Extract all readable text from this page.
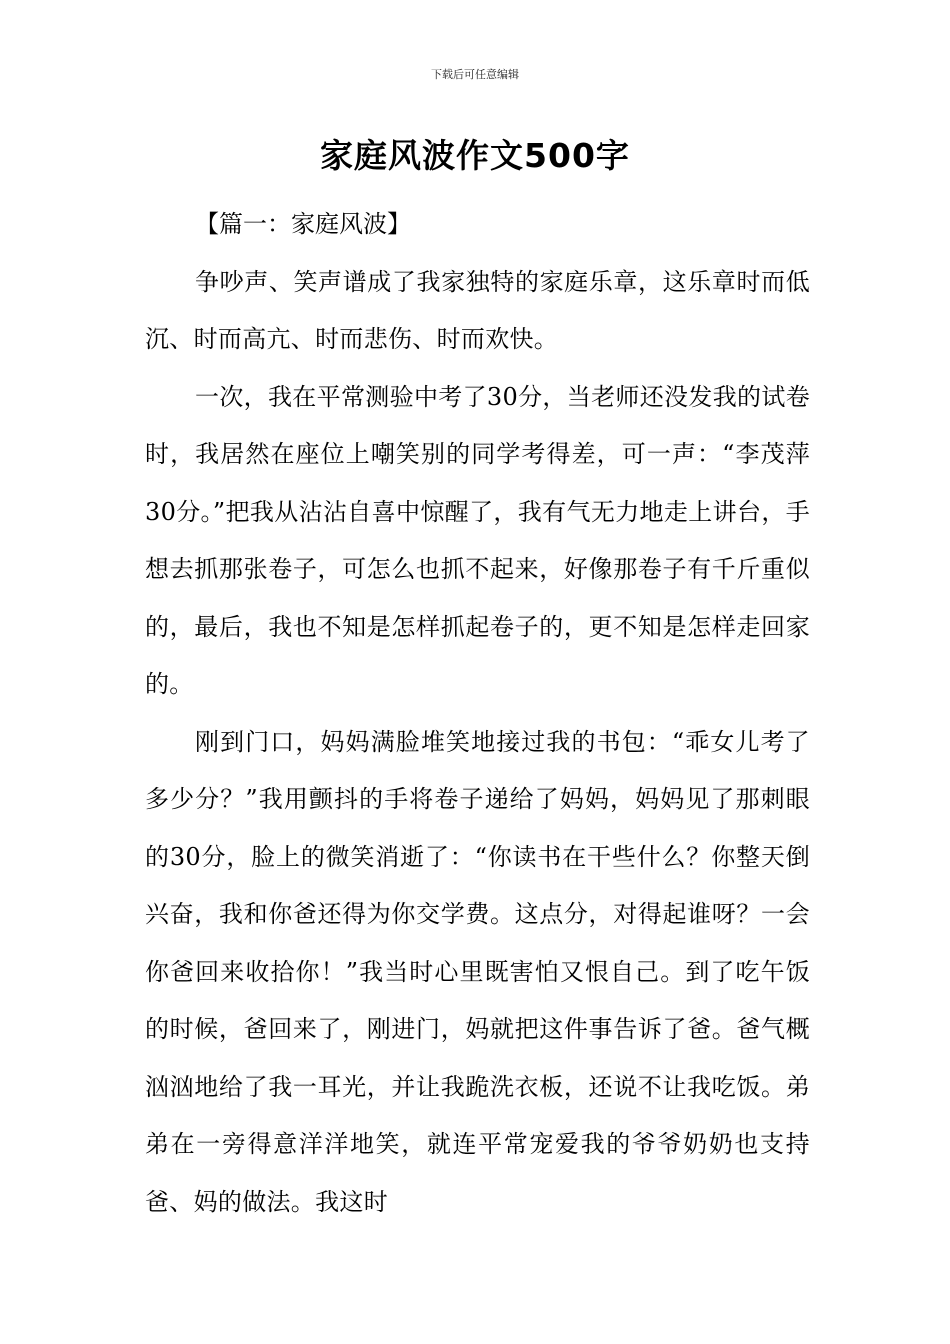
下载后可任意编辑
家庭风波作文500字

【篇一：家庭风波】

争吵声、笑声谱成了我家独特的家庭乐章，这乐章时而低沉、时而高亢、时而悲伤、时而欢快。

一次，我在平常测验中考了30分，当老师还没发我的试卷时，我居然在座位上嘲笑别的同学考得差，可一声：“李茂萍30分。”把我从沾沾自喜中惊醒了，我有气无力地走上讲台，手想去抓那张卷子，可怎么也抓不起来，好像那卷子有千斤重似的，最后，我也不知是怎样抓起卷子的，更不知是怎样走回家的。

刚到门口，妈妈满脸堆笑地接过我的书包：“乖女儿考了多少分？”我用颤抖的手将卷子递给了妈妈，妈妈见了那刺眼的30分，脸上的微笑消逝了：“你读书在干些什么？你整天倒兴奋，我和你爸还得为你交学费。这点分，对得起谁呀？一会你爸回来收拾你！”我当时心里既害怕又恨自己。到了吃午饭的时候，爸回来了，刚进门，妈就把这件事告诉了爸。爸气概汹汹地给了我一耳光，并让我跪洗衣板，还说不让我吃饭。弟弟在一旁得意洋洋地笑，就连平常宠爱我的爷爷奶奶也支持爸、妈的做法。我这时
